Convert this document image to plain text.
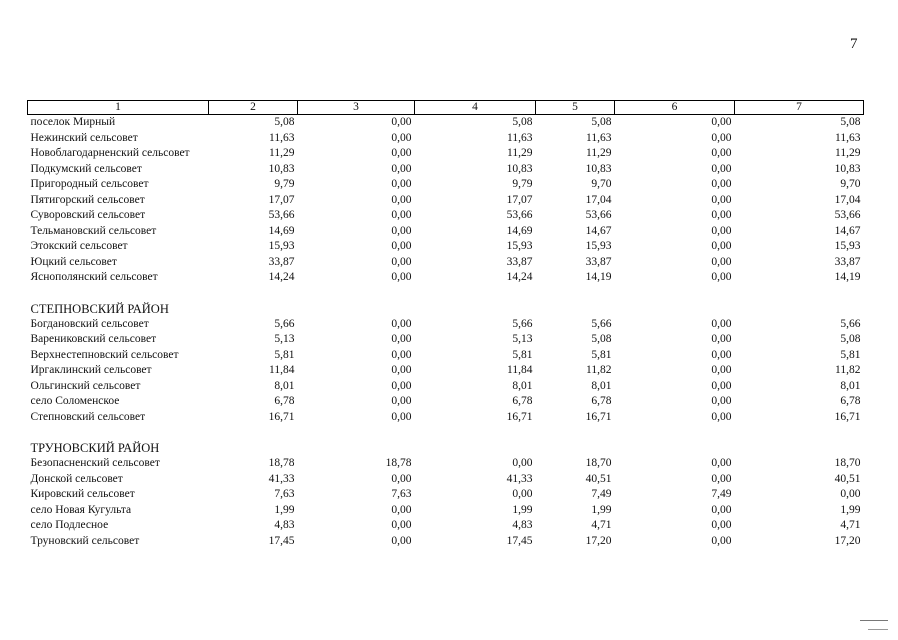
7
1	2	3	4	5	6	7
поселок Мирный	5,08	0,00	5,08	5,08	0,00	5,08
Нежинский сельсовет	11,63	0,00	11,63	11,63	0,00	11,63
Новоблагодарненский сельсовет	11,29	0,00	11,29	11,29	0,00	11,29
Подкумский сельсовет	10,83	0,00	10,83	10,83	0,00	10,83
Пригородный сельсовет	9,79	0,00	9,79	9,70	0,00	9,70
Пятигорский сельсовет	17,07	0,00	17,07	17,04	0,00	17,04
Суворовский сельсовет	53,66	0,00	53,66	53,66	0,00	53,66
Тельмановский сельсовет	14,69	0,00	14,69	14,67	0,00	14,67
Этокский сельсовет	15,93	0,00	15,93	15,93	0,00	15,93
Юцкий сельсовет	33,87	0,00	33,87	33,87	0,00	33,87
Яснополянский сельсовет	14,24	0,00	14,24	14,19	0,00	14,19

СТЕПНОВСКИЙ РАЙОН						
Богдановский сельсовет	5,66	0,00	5,66	5,66	0,00	5,66
Варениковский сельсовет	5,13	0,00	5,13	5,08	0,00	5,08
Верхнестепновский сельсовет	5,81	0,00	5,81	5,81	0,00	5,81
Иргаклинский сельсовет	11,84	0,00	11,84	11,82	0,00	11,82
Ольгинский сельсовет	8,01	0,00	8,01	8,01	0,00	8,01
село Соломенское	6,78	0,00	6,78	6,78	0,00	6,78
Степновский сельсовет	16,71	0,00	16,71	16,71	0,00	16,71

ТРУНОВСКИЙ РАЙОН						
Безопасненский сельсовет	18,78	18,78	0,00	18,70	0,00	18,70
Донской сельсовет	41,33	0,00	41,33	40,51	0,00	40,51
Кировский сельсовет	7,63	7,63	0,00	7,49	7,49	0,00
село Новая Кугульта	1,99	0,00	1,99	1,99	0,00	1,99
село Подлесное	4,83	0,00	4,83	4,71	0,00	4,71
Труновский сельсовет	17,45	0,00	17,45	17,20	0,00	17,20
